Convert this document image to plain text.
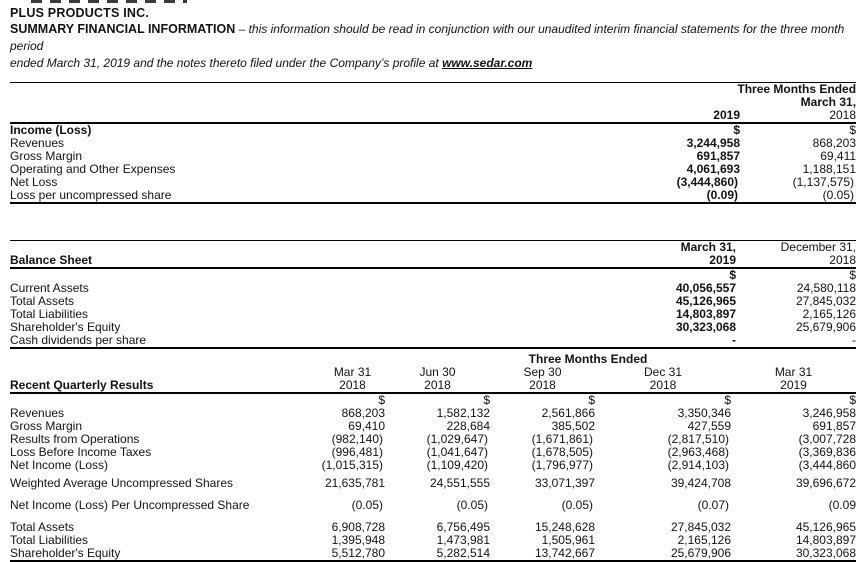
PLUS PRODUCTS INC.
SUMMARY FINANCIAL INFORMATION – this information should be read in conjunction with our unaudited interim financial statements for the three month period
ended March 31, 2019 and the notes thereto filed under the Company’s profile at www.sedar.com
Three Months Ended		
March 31,		
	2019	2018
Income (Loss)	$	$
Revenues	3,244,958	868,203
Gross Margin	691,857	69,411
Operating and Other Expenses	4,061,693	1,188,151
Net Loss	(3,444,860)	(1,137,575)
Loss per uncompressed share	(0.09)	(0.05)
Balance Sheet	
March 31,
2019

December 31,
2018

	$	$
Current Assets	40,056,557	24,580,118
Total Assets	45,126,965	27,845,032
Total Liabilities	14,803,897	2,165,126
Shareholder's Equity	30,323,068	25,679,906
Cash dividends per share	-	-
	Three Months Ended				
Recent Quarterly Results	
Mar 31
2018

Jun 30
2018

Sep 30
2018

Dec 31
2018

Mar 31
2019

	$	$	$	$	$
Revenues	868,203	1,582,132	2,561,866	3,350,346	3,246,958
Gross Margin	69,410	228,684	385,502	427,559	691,857
Results from Operations	(982,140)	(1,029,647)	(1,671,861)	(2,817,510)	(3,007,728
Loss Before Income Taxes	(996,481)	(1,041,647)	(1,678,505)	(2,963,468)	(3,369,836
Net Income (Loss)	(1,015,315)	(1,109,420)	(1,796,977)	(2,914,103)	(3,444,860

Weighted Average Uncompressed Shares	21,635,781	24,551,555	33,071,397	39,424,708	39,696,672

Net Income (Loss) Per Uncompressed Share	(0.05)	(0.05)	(0.05)	(0.07)	(0.09

Total Assets	6,908,728	6,756,495	15,248,628	27,845,032	45,126,965
Total Liabilities	1,395,948	1,473,981	1,505,961	2,165,126	14,803,897
Shareholder's Equity	5,512,780	5,282,514	13,742,667	25,679,906	30,323,068
